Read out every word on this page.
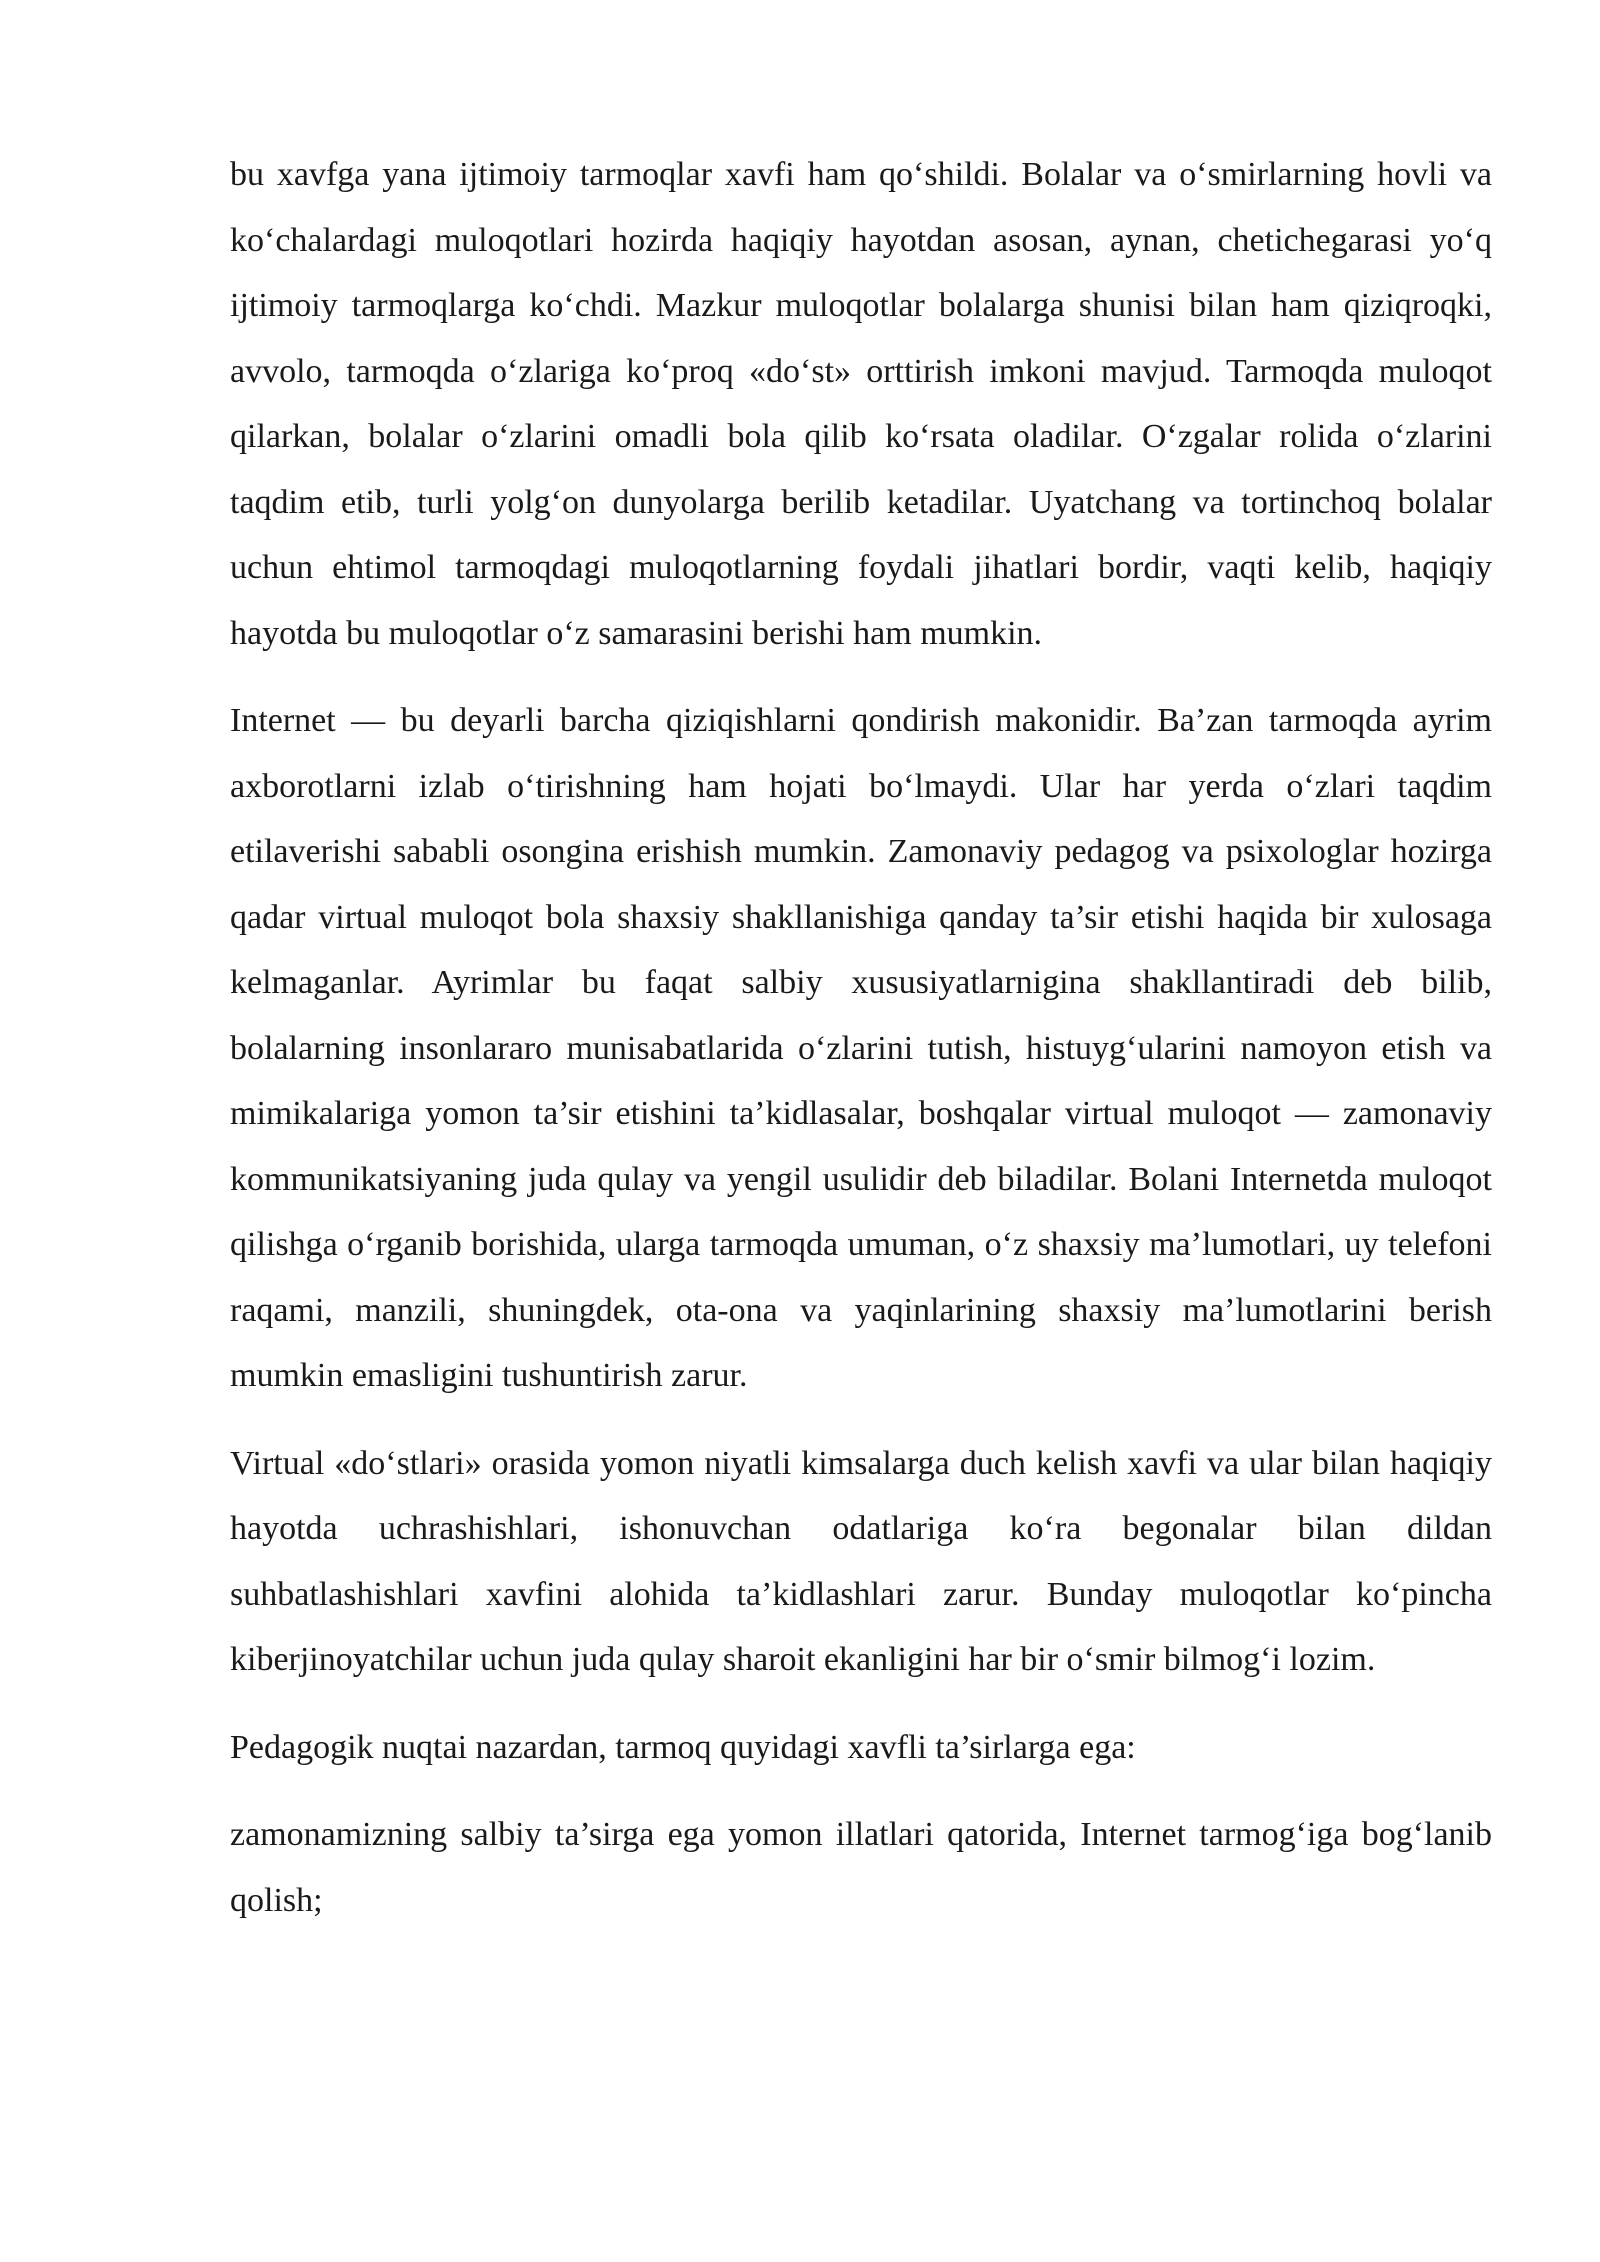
bu xavfga yana ijtimoiy tarmoqlar xavfi ham qo‘shildi. Bolalar va o‘smirlarning hovli va ko‘chalardagi muloqotlari hozirda haqiqiy hayotdan asosan, aynan, chetichegarasi yo‘q ijtimoiy tarmoqlarga ko‘chdi. Mazkur muloqotlar bolalarga shunisi bilan ham qiziqroqki, avvolo, tarmoqda o‘zlariga ko‘proq «do‘st» orttirish imkoni mavjud. Tarmoqda muloqot qilarkan, bolalar o‘zlarini omadli bola qilib ko‘rsata oladilar. O‘zgalar rolida o‘zlarini taqdim etib, turli yolg‘on dunyolarga berilib ketadilar. Uyatchang va tortinchoq bolalar uchun ehtimol tarmoqdagi muloqotlarning foydali jihatlari bordir, vaqti kelib, haqiqiy hayotda bu muloqotlar o‘z samarasini berishi ham mumkin.

Internet — bu deyarli barcha qiziqishlarni qondirish makonidir. Ba’zan tarmoqda ayrim axborotlarni izlab o‘tirishning ham hojati bo‘lmaydi. Ular har yerda o‘zlari taqdim etilaverishi sababli osongina erishish mumkin. Zamonaviy pedagog va psixologlar hozirga qadar virtual muloqot bola shaxsiy shakllanishiga qanday ta’sir etishi haqida bir xulosaga kelmaganlar. Ayrimlar bu faqat salbiy xususiyatlarnigina shakllantiradi deb bilib, bolalarning insonlararo munisabatlarida o‘zlarini tutish, histuyg‘ularini namoyon etish va mimikalariga yomon ta’sir etishini ta’kidlasalar, boshqalar virtual muloqot — zamonaviy kommunikatsiyaning juda qulay va yengil usulidir deb biladilar. Bolani Internetda muloqot qilishga o‘rganib borishida, ularga tarmoqda umuman, o‘z shaxsiy ma’lumotlari, uy telefoni raqami, manzili, shuningdek, ota-ona va yaqinlarining shaxsiy ma’lumotlarini berish mumkin emasligini tushuntirish zarur.

Virtual «do‘stlari» orasida yomon niyatli kimsalarga duch kelish xavfi va ular bilan haqiqiy hayotda uchrashishlari, ishonuvchan odatlariga ko‘ra begonalar bilan dildan suhbatlashishlari xavfini alohida ta’kidlashlari zarur. Bunday muloqotlar ko‘pincha kiberjinoyatchilar uchun juda qulay sharoit ekanligini har bir o‘smir bilmog‘i lozim.

Pedagogik nuqtai nazardan, tarmoq quyidagi xavfli ta’sirlarga ega:

zamonamizning salbiy ta’sirga ega yomon illatlari qatorida, Internet tarmog‘iga bog‘lanib qolish;
